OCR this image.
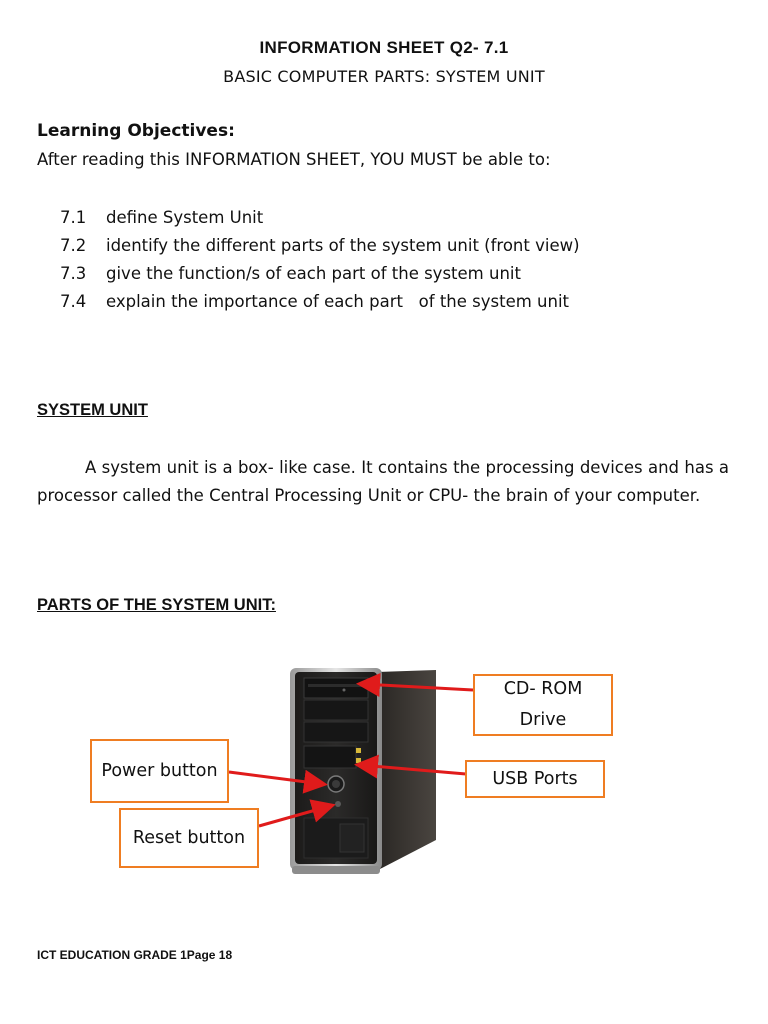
INFORMATION SHEET Q2- 7.1
BASIC COMPUTER PARTS: SYSTEM UNIT
Learning Objectives:
After reading this INFORMATION SHEET, YOU MUST be able to:
7.1	define System Unit
7.2	identify the different parts of the system unit (front view)
7.3	give the function/s of each part of the system unit
7.4	explain the importance of each part   of the system unit
SYSTEM UNIT
A system unit is a box- like case. It contains the processing devices and has a processor called the Central Processing Unit or CPU- the brain of your computer.
PARTS OF THE SYSTEM UNIT:
CD- ROM Drive
USB Ports
Power button
Reset button
ICT EDUCATION GRADE 1Page 18
